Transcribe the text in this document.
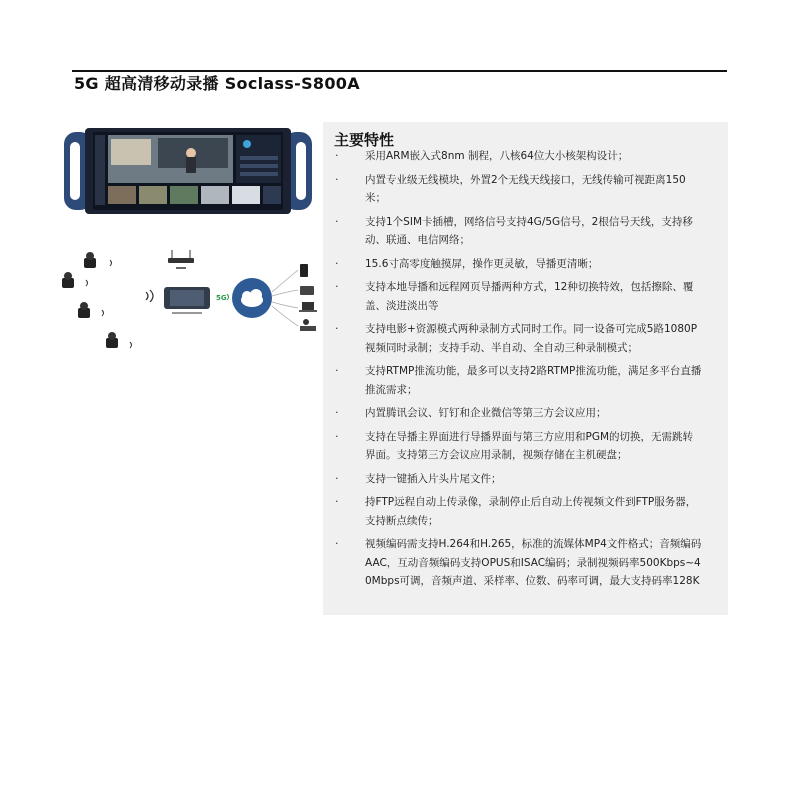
5G 超高清移动录播 Soclass-S800A
5G
主要特性
·	采用ARM嵌入式8nm 制程，八核64位大小核架构设计；
·	内置专业级无线模块，外置2个无线天线接口，无线传输可视距离150米；
·	支持1个SIM卡插槽，网络信号支持4G/5G信号，2根信号天线，支持移动、联通、电信网络；
·	15.6寸高零度触摸屏，操作更灵敏，导播更清晰；
·	支持本地导播和远程网页导播两种方式，12种切换特效，包括擦除、覆盖、淡进淡出等
·	支持电影+资源模式两种录制方式同时工作。同一设备可完成5路1080P视频同时录制；支持手动、半自动、全自动三种录制模式；
·	支持RTMP推流功能，最多可以支持2路RTMP推流功能，满足多平台直播推流需求；
·	内置腾讯会议、钉钉和企业微信等第三方会议应用；
·	支持在导播主界面进行导播界面与第三方应用和PGM的切换，无需跳转界面。支持第三方会议应用录制，视频存储在主机硬盘；
·	支持一键插入片头片尾文件；
·	持FTP远程自动上传录像，录制停止后自动上传视频文件到FTP服务器，支持断点续传；
·	视频编码需支持H.264和H.265，标准的流媒体MP4文件格式；音频编码AAC，互动音频编码支持OPUS和ISAC编码；录制视频码率500Kbps~40Mbps可调，音频声道、采样率、位数、码率可调，最大支持码率128K
